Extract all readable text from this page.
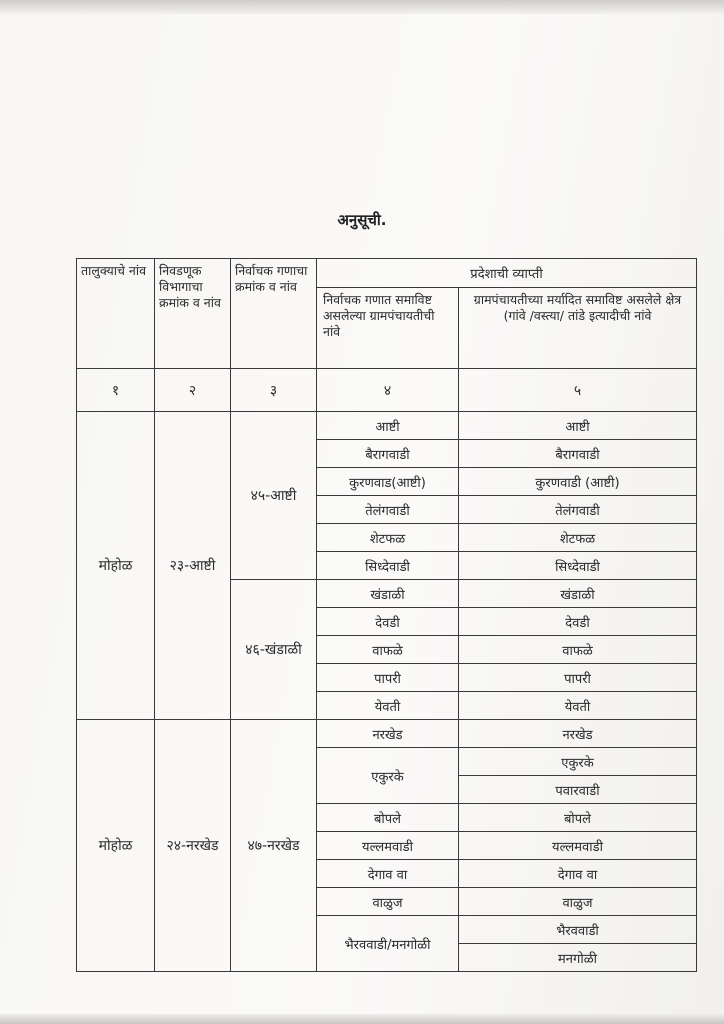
अनुसूची.
तालुक्याचे नांव	निवडणूक विभागाचा क्रमांक व नांव	निर्वाचक गणाचा क्रमांक व नांव	प्रदेशाची व्याप्ती	
			निर्वाचक गणात समाविष्ट असलेल्या ग्रामपंचायतीची नांवे	ग्रामपंचायतीच्या मर्यादित समाविष्ट असलेले क्षेत्र (गांवे /वस्त्या/ तांडे इत्यादीची नांवे
१	२	३	४	५
मोहोळ	२३-आष्टी	४५-आष्टी	आष्टी	आष्टी
			बैरागवाडी	बैरागवाडी
			कुरणवाड(आष्टी)	कुरणवाडी (आष्टी)
			तेलंगवाडी	तेलंगवाडी
			शेटफळ	शेटफळ
			सिध्देवाडी	सिध्देवाडी
		४६-खंडाळी	खंडाळी	खंडाळी
			देवडी	देवडी
			वाफळे	वाफळे
			पापरी	पापरी
			येवती	येवती
मोहोळ	२४-नरखेड	४७-नरखेड	नरखेड	नरखेड
			एकुरके	एकुरके
				पवारवाडी
			बोपले	बोपले
			यल्लमवाडी	यल्लमवाडी
			देगाव वा	देगाव वा
			वाळुज	वाळुज
			भैरववाडी/मनगोळी	भैरववाडी
				मनगोळी
